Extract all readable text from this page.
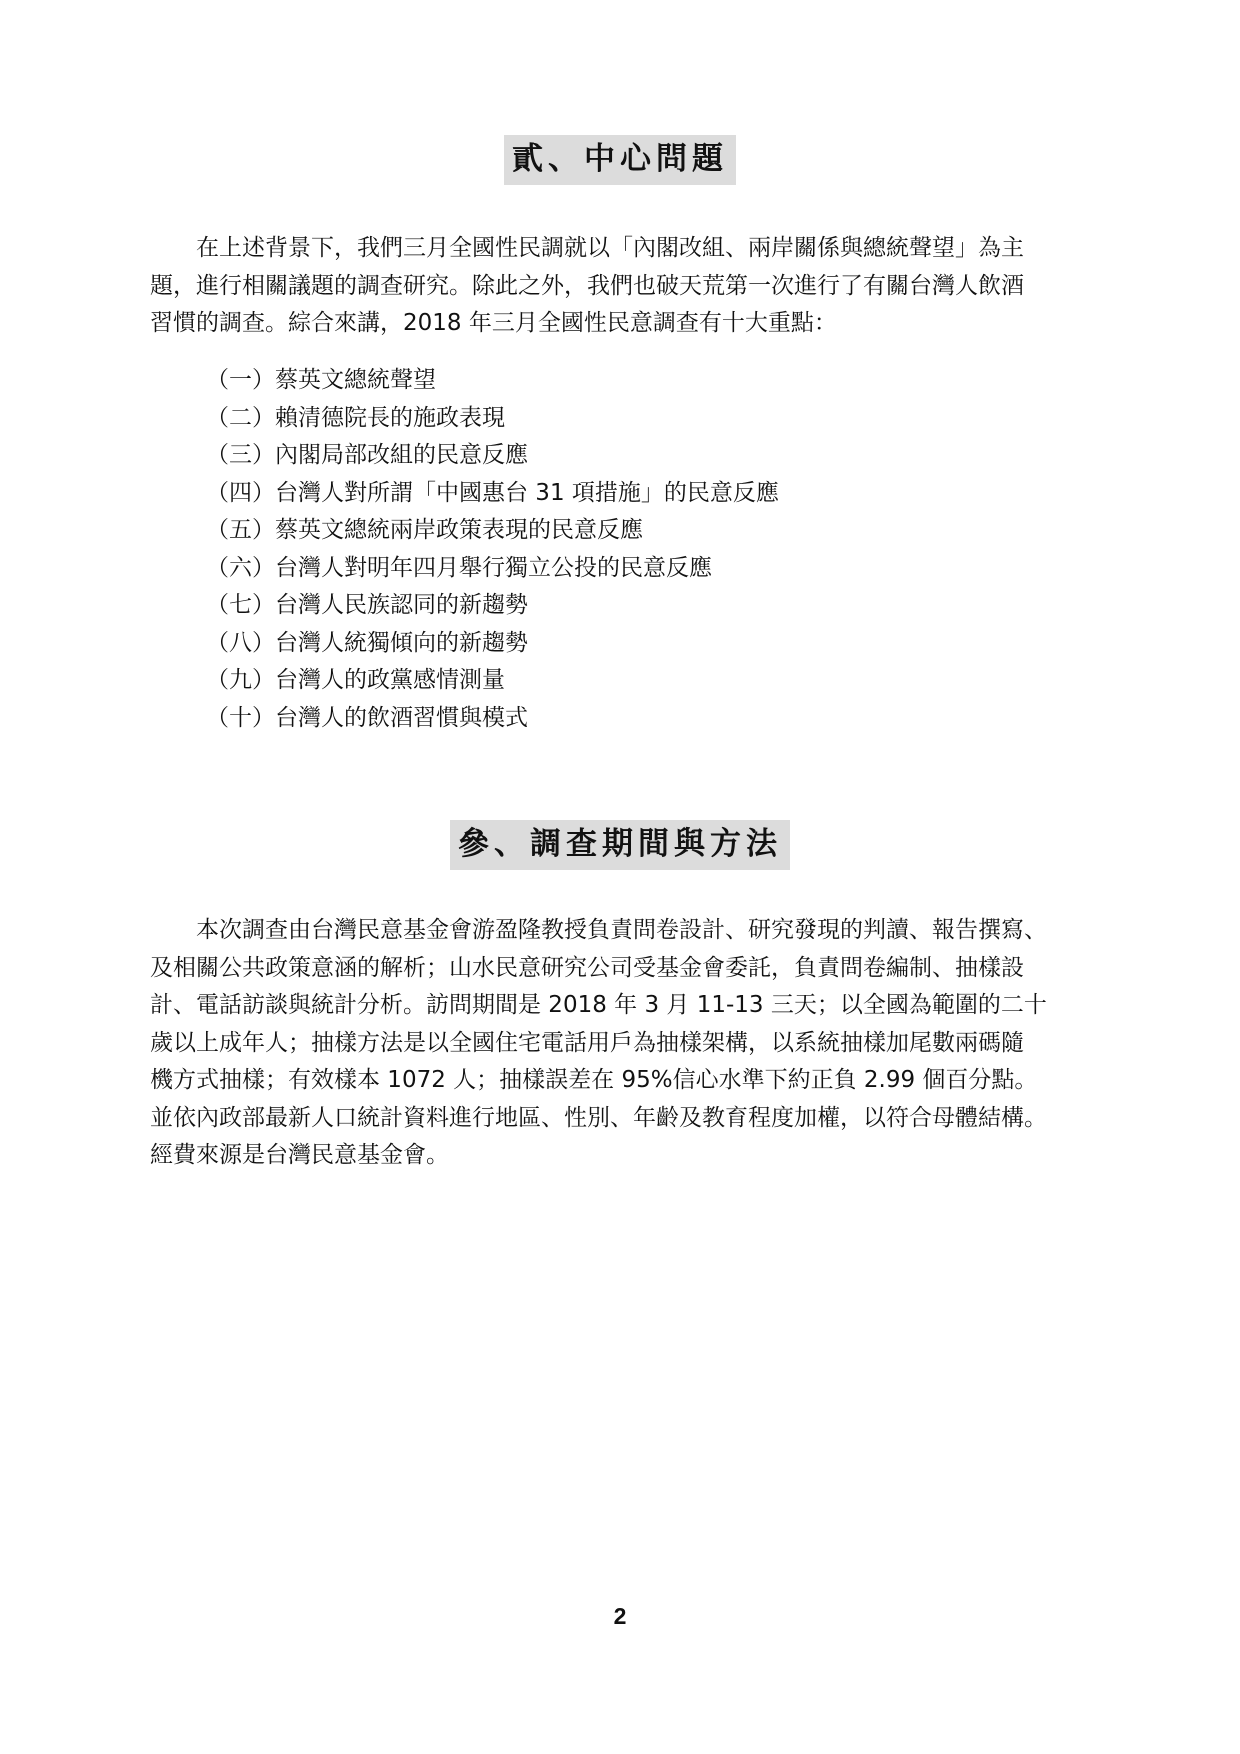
貳、中心問題

　　在上述背景下，我們三月全國性民調就以「內閣改組、兩岸關係與總統聲望」為主
題，進行相關議題的調查研究。除此之外，我們也破天荒第一次進行了有關台灣人飲酒
習慣的調查。綜合來講，2018 年三月全國性民意調查有十大重點：

（一）蔡英文總統聲望
（二）賴清德院長的施政表現
（三）內閣局部改組的民意反應
（四）台灣人對所謂「中國惠台 31 項措施」的民意反應
（五）蔡英文總統兩岸政策表現的民意反應
（六）台灣人對明年四月舉行獨立公投的民意反應
（七）台灣人民族認同的新趨勢
（八）台灣人統獨傾向的新趨勢
（九）台灣人的政黨感情測量
（十）台灣人的飲酒習慣與模式
參、調查期間與方法

　　本次調查由台灣民意基金會游盈隆教授負責問卷設計、研究發現的判讀、報告撰寫、
及相關公共政策意涵的解析；山水民意研究公司受基金會委託，負責問卷編制、抽樣設
計、電話訪談與統計分析。訪問期間是 2018 年 3 月 11-13 三天；以全國為範圍的二十
歲以上成年人；抽樣方法是以全國住宅電話用戶為抽樣架構，以系統抽樣加尾數兩碼隨
機方式抽樣；有效樣本 1072 人；抽樣誤差在 95%信心水準下約正負 2.99 個百分點。
並依內政部最新人口統計資料進行地區、性別、年齡及教育程度加權，以符合母體結構。
經費來源是台灣民意基金會。

2
